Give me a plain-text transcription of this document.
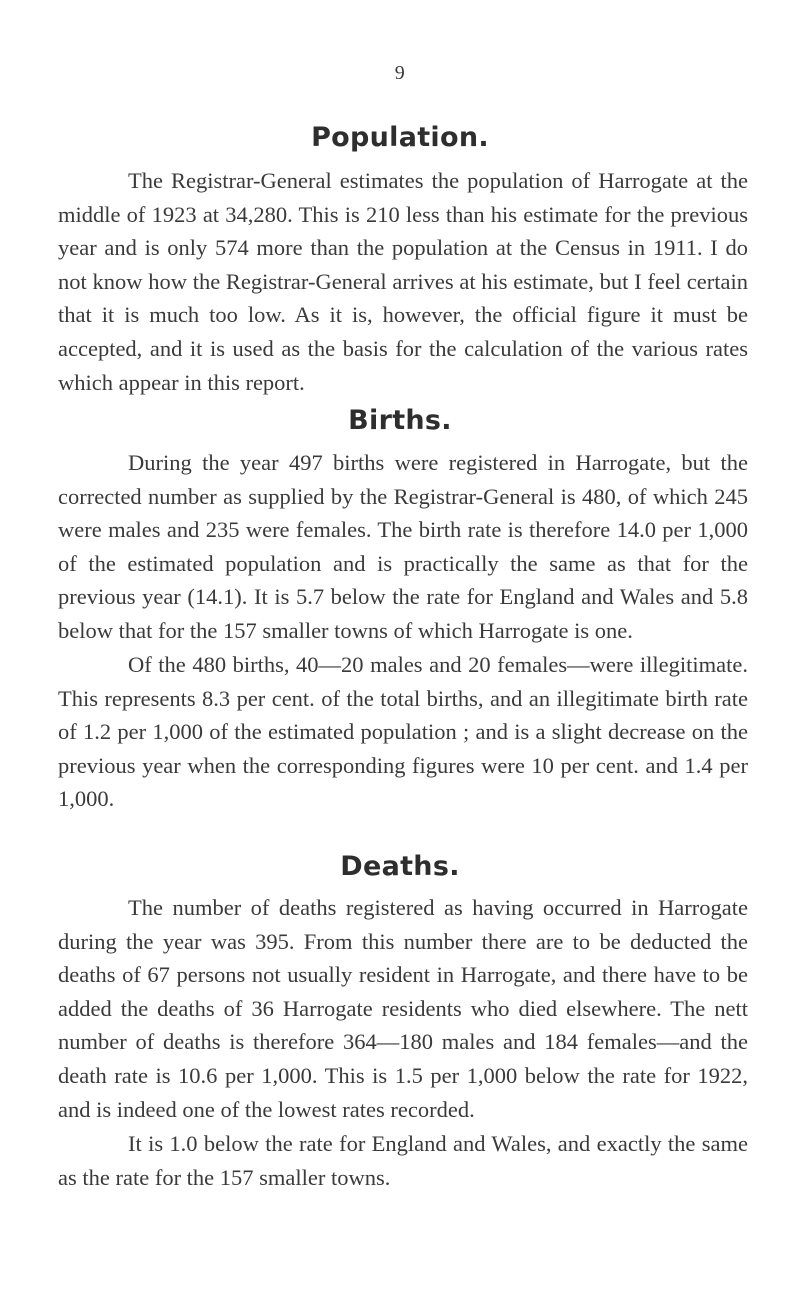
9
Population.

The Registrar-General estimates the population of Harrogate at the middle of 1923 at 34,280. This is 210 less than his estimate for the previous year and is only 574 more than the population at the Census in 1911. I do not know how the Registrar-General arrives at his estimate, but I feel certain that it is much too low. As it is, however, the official figure it must be accepted, and it is used as the basis for the calculation of the various rates which appear in this report.

Births.

During the year 497 births were registered in Harrogate, but the corrected number as supplied by the Registrar-General is 480, of which 245 were males and 235 were females. The birth rate is therefore 14.0 per 1,000 of the estimated population and is practically the same as that for the previous year (14.1). It is 5.7 below the rate for England and Wales and 5.8 below that for the 157 smaller towns of which Harrogate is one.

Of the 480 births, 40—20 males and 20 females—were illegitimate. This represents 8.3 per cent. of the total births, and an illegitimate birth rate of 1.2 per 1,000 of the estimated population ; and is a slight decrease on the previous year when the corresponding figures were 10 per cent. and 1.4 per 1,000.

Deaths.

The number of deaths registered as having occurred in Harrogate during the year was 395. From this number there are to be deducted the deaths of 67 persons not usually resident in Harrogate, and there have to be added the deaths of 36 Harrogate residents who died elsewhere. The nett number of deaths is therefore 364—180 males and 184 females—and the death rate is 10.6 per 1,000. This is 1.5 per 1,000 below the rate for 1922, and is indeed one of the lowest rates recorded.

It is 1.0 below the rate for England and Wales, and exactly the same as the rate for the 157 smaller towns.
